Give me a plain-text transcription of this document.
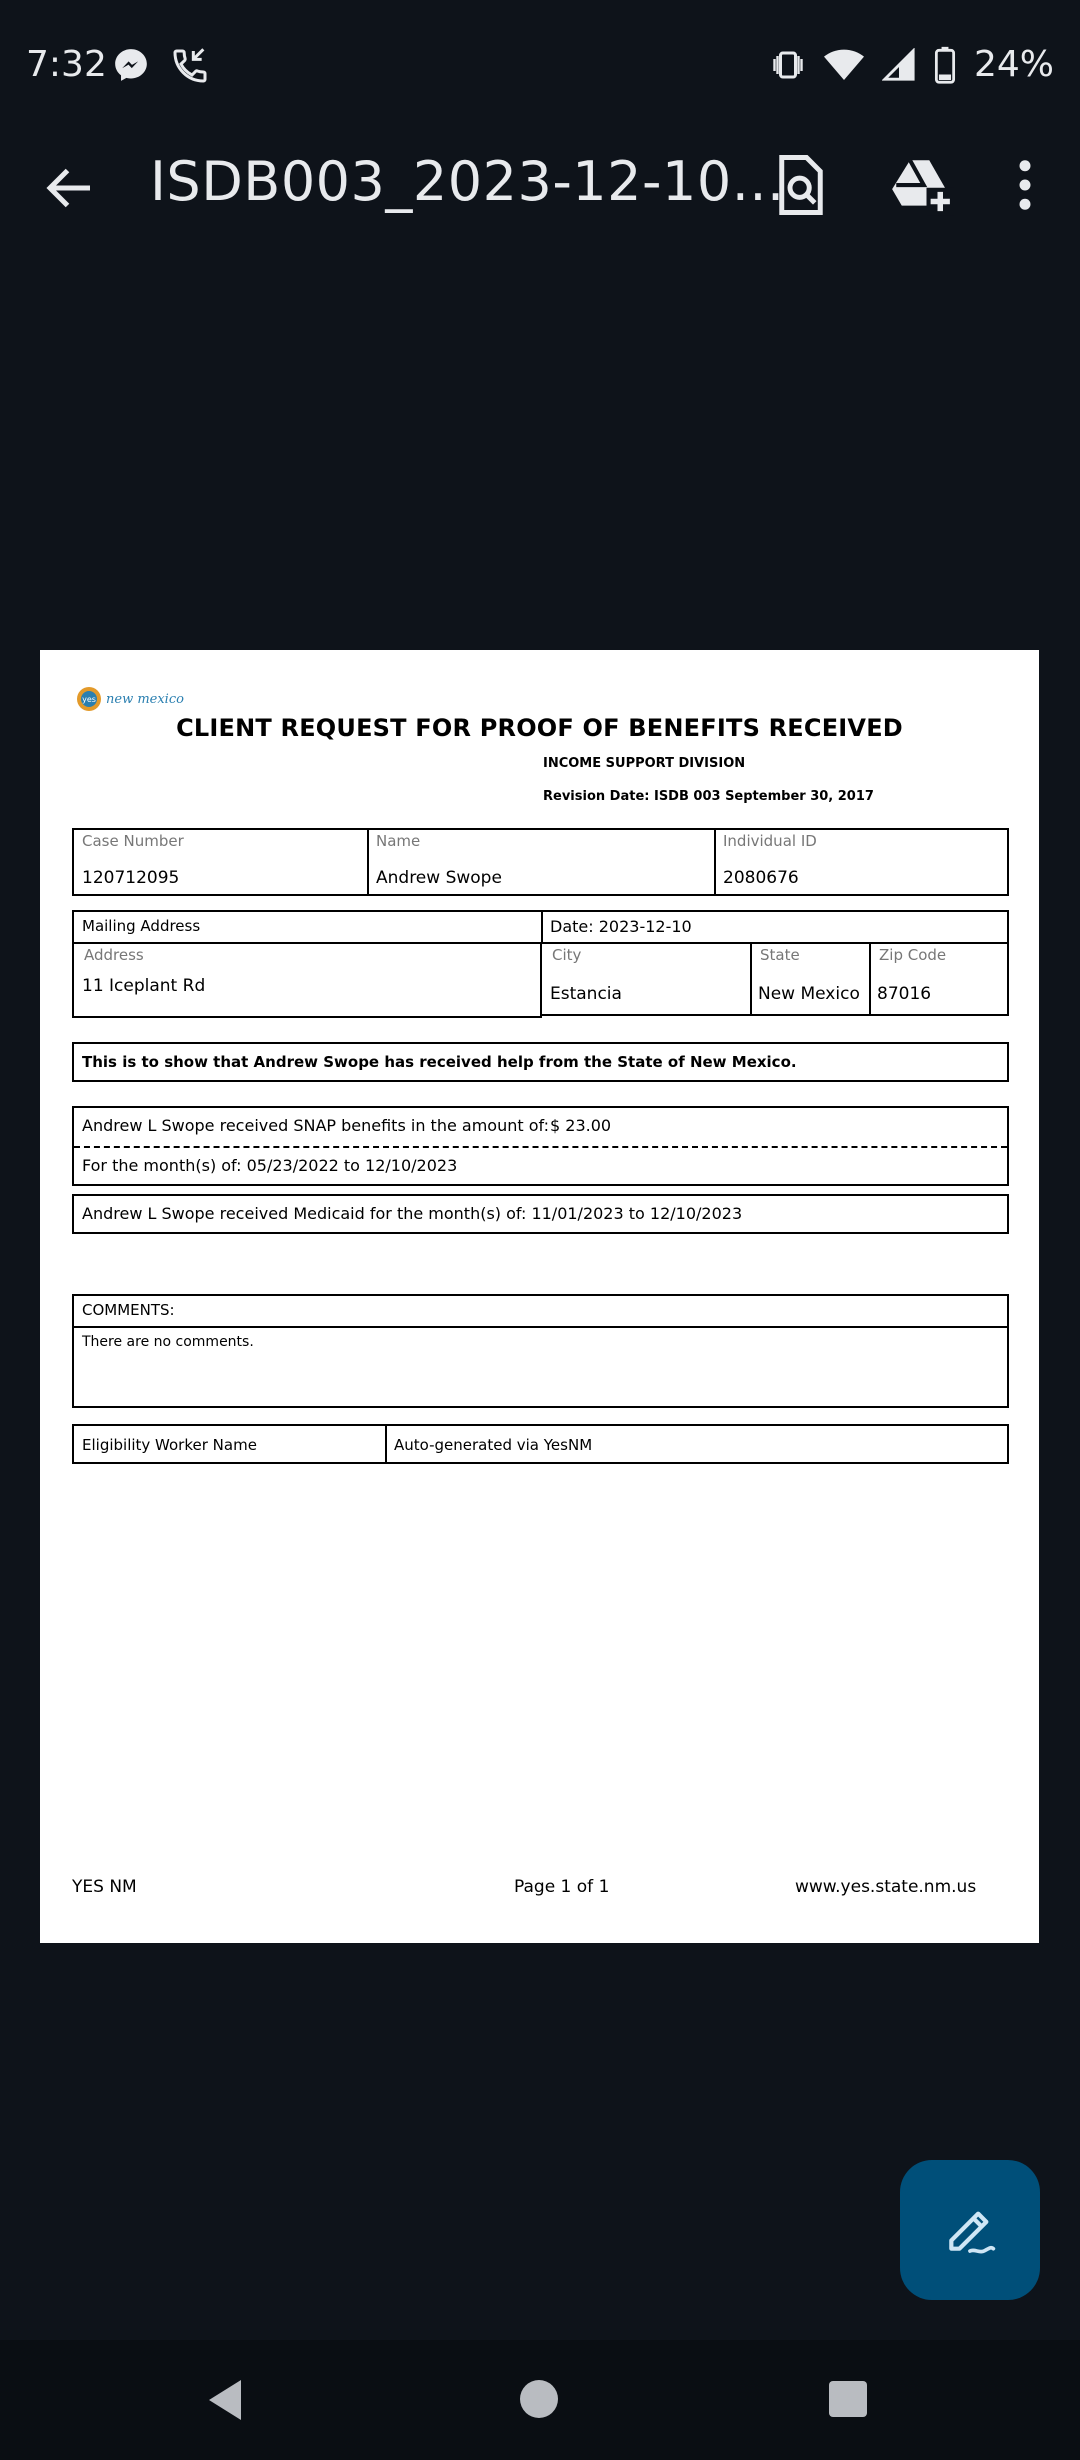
7:32	24%
ISDB003_2023-12-10...
yes new mexico
CLIENT REQUEST FOR PROOF OF BENEFITS RECEIVED
INCOME SUPPORT DIVISION
Revision Date: ISDB 003 September 30, 2017
Case Number
120712095
Name
Andrew Swope
Individual ID
2080676
Mailing Address	Date: 2023-12-10
Address
11 Iceplant Rd
City
Estancia
State
New Mexico
Zip Code
87016
This is to show that Andrew Swope has received help from the State of New Mexico.
Andrew L Swope received SNAP benefits in the amount of: $ 23.00
For the month(s) of: 05/23/2022 to 12/10/2023
Andrew L Swope received Medicaid for the month(s) of: 11/01/2023 to 12/10/2023
COMMENTS:
There are no comments.
Eligibility Worker Name	Auto-generated via YesNM
YES NM	Page 1 of 1	www.yes.state.nm.us
